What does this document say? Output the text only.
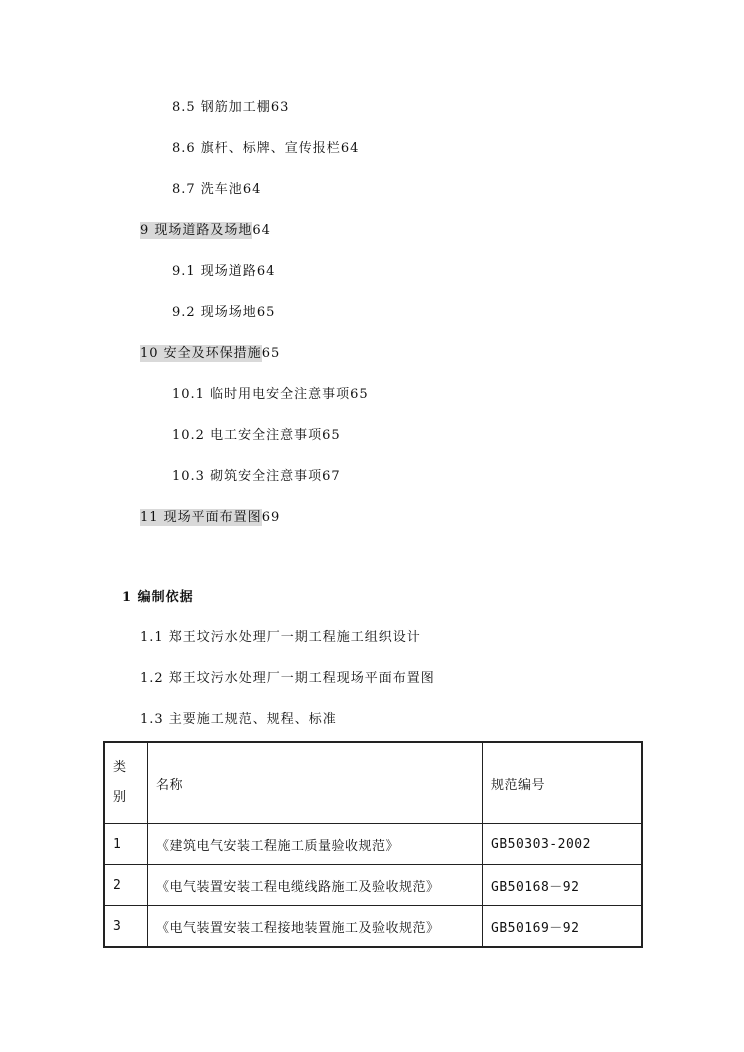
8.5 钢筋加工棚63
8.6 旗杆、标牌、宣传报栏64
8.7 洗车池64
9 现场道路及场地64
9.1 现场道路64
9.2 现场场地65
10 安全及环保措施65
10.1 临时用电安全注意事项65
10.2 电工安全注意事项65
10.3 砌筑安全注意事项67
11 现场平面布置图69
1 编制依据
1.1 郑王坟污水处理厂一期工程施工组织设计
1.2 郑王坟污水处理厂一期工程现场平面布置图
1.3 主要施工规范、规程、标准
类
别	名称	规范编号
1	《建筑电气安装工程施工质量验收规范》	GB50303-2002
2	《电气装置安装工程电缆线路施工及验收规范》	GB50168－92
3	《电气装置安装工程接地装置施工及验收规范》	GB50169－92
